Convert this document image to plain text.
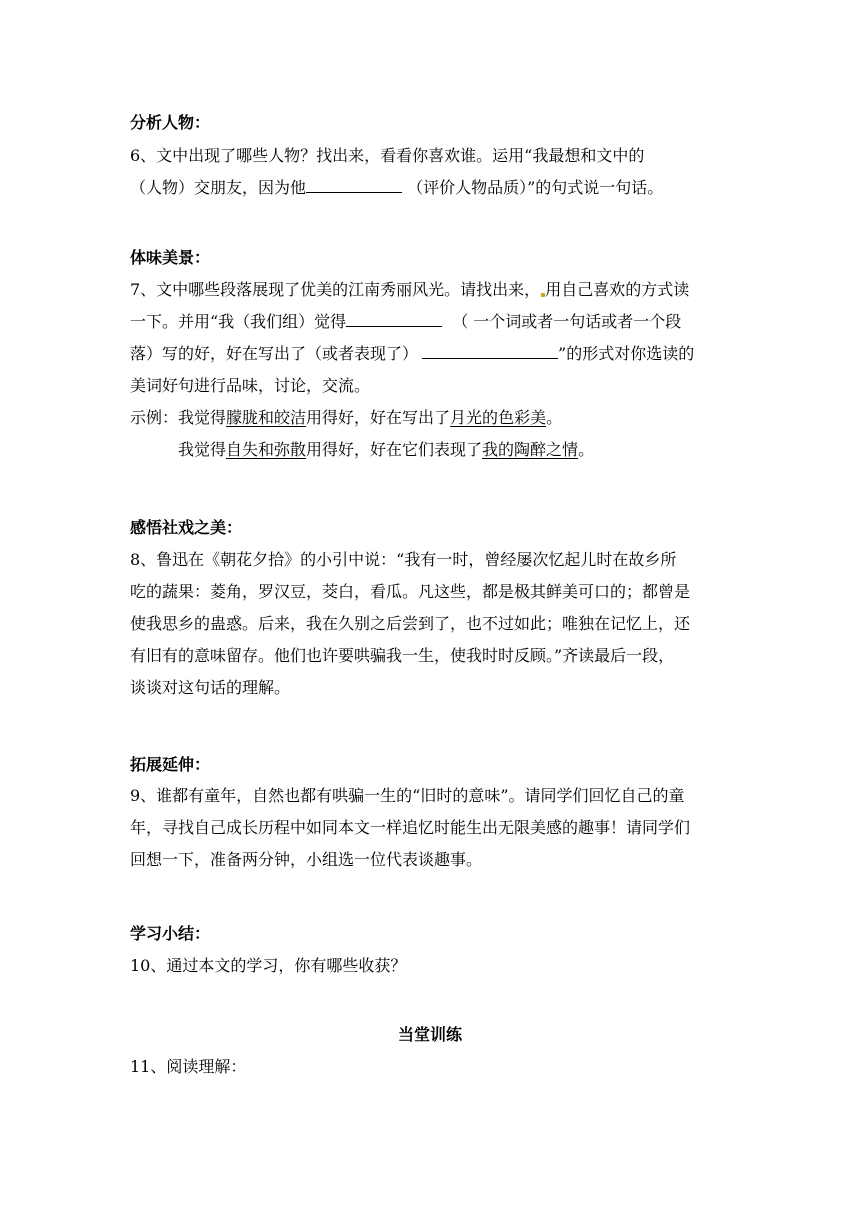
分析人物：
6、文中出现了哪些人物？找出来，看看你喜欢谁。运用“我最想和文中的
（人物）交朋友，因为他	（评价人物品质）”的句式说一句话。
体味美景：
7、文中哪些段落展现了优美的江南秀丽风光。请找出来， 用自己喜欢的方式读
一下。并用“我（我们组）觉得	（ 一个词或者一句话或者一个段
落）写的好，好在写出了（或者表现了）	”的形式对你选读的
美词好句进行品味，讨论，交流。
示例：我觉得朦胧和皎洁用得好，好在写出了月光的色彩美。
我觉得自失和弥散用得好，好在它们表现了我的陶醉之情。
感悟社戏之美：
8、鲁迅在《朝花夕拾》的小引中说：“我有一时，曾经屡次忆起儿时在故乡所
吃的蔬果：菱角，罗汉豆，茭白，看瓜。凡这些，都是极其鲜美可口的；都曾是
使我思乡的蛊惑。后来，我在久别之后尝到了，也不过如此；唯独在记忆上，还
有旧有的意味留存。他们也许要哄骗我一生，使我时时反顾。”齐读最后一段，
谈谈对这句话的理解。
拓展延伸：
9、谁都有童年，自然也都有哄骗一生的“旧时的意味”。请同学们回忆自己的童
年，寻找自己成长历程中如同本文一样追忆时能生出无限美感的趣事！请同学们
回想一下，准备两分钟，小组选一位代表谈趣事。
学习小结：
10、通过本文的学习，你有哪些收获？
当堂训练
11、阅读理解：
